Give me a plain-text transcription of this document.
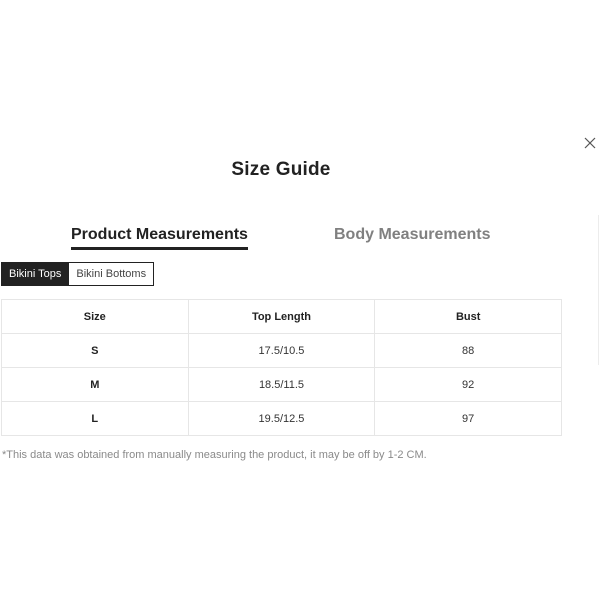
Size Guide
Product Measurements	Body Measurements
Bikini Tops	Bikini Bottoms
Size	Top Length	Bust
S	17.5/10.5	88
M	18.5/11.5	92
L	19.5/12.5	97
*This data was obtained from manually measuring the product, it may be off by 1-2 CM.
